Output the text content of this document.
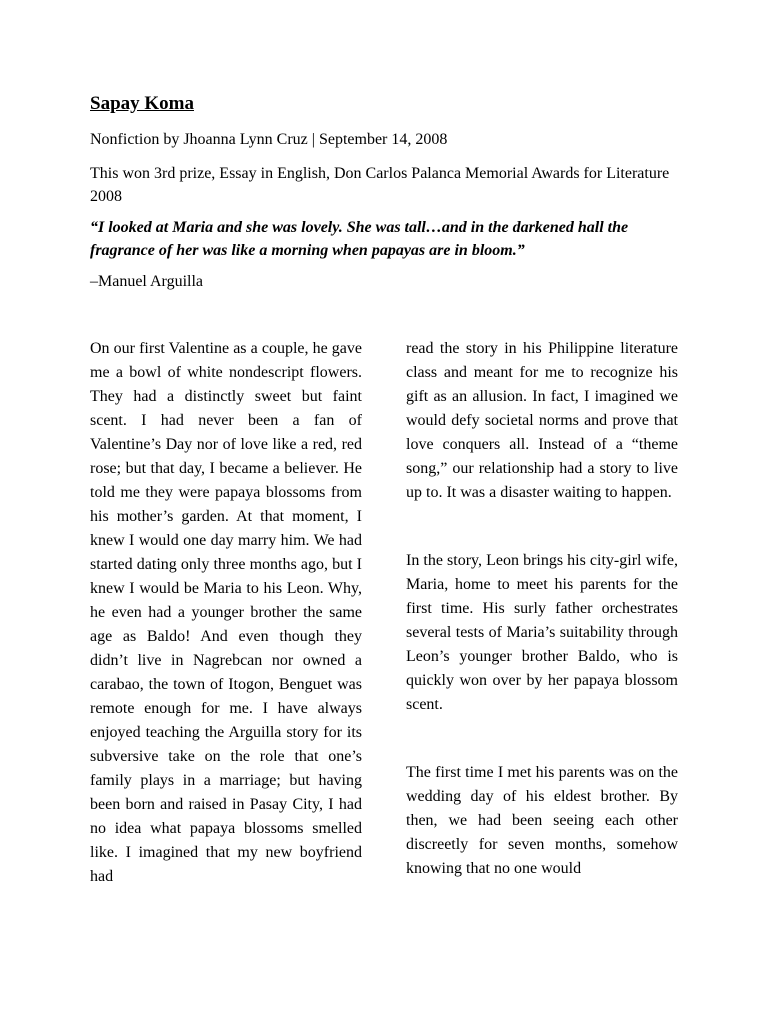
Sapay Koma

Nonfiction by Jhoanna Lynn Cruz | September 14, 2008

This won 3rd prize, Essay in English, Don Carlos Palanca Memorial Awards for Literature 2008

“I looked at Maria and she was lovely. She was tall…and in the darkened hall the fragrance of her was like a morning when papayas are in bloom.”

–Manuel Arguilla

On our first Valentine as a couple, he gave me a bowl of white nondescript flowers. They had a distinctly sweet but faint scent. I had never been a fan of Valentine’s Day nor of love like a red, red rose; but that day, I became a believer. He told me they were papaya blossoms from his mother’s garden. At that moment, I knew I would one day marry him. We had started dating only three months ago, but I knew I would be Maria to his Leon. Why, he even had a younger brother the same age as Baldo! And even though they didn’t live in Nagrebcan nor owned a carabao, the town of Itogon, Benguet was remote enough for me. I have always enjoyed teaching the Arguilla story for its subversive take on the role that one’s family plays in a marriage; but having been born and raised in Pasay City, I had no idea what papaya blossoms smelled like. I imagined that my new boyfriend had

read the story in his Philippine literature class and meant for me to recognize his gift as an allusion. In fact, I imagined we would defy societal norms and prove that love conquers all. Instead of a “theme song,” our relationship had a story to live up to. It was a disaster waiting to happen.

In the story, Leon brings his city-girl wife, Maria, home to meet his parents for the first time. His surly father orchestrates several tests of Maria’s suitability through Leon’s younger brother Baldo, who is quickly won over by her papaya blossom scent.

The first time I met his parents was on the wedding day of his eldest brother. By then, we had been seeing each other discreetly for seven months, somehow knowing that no one would
